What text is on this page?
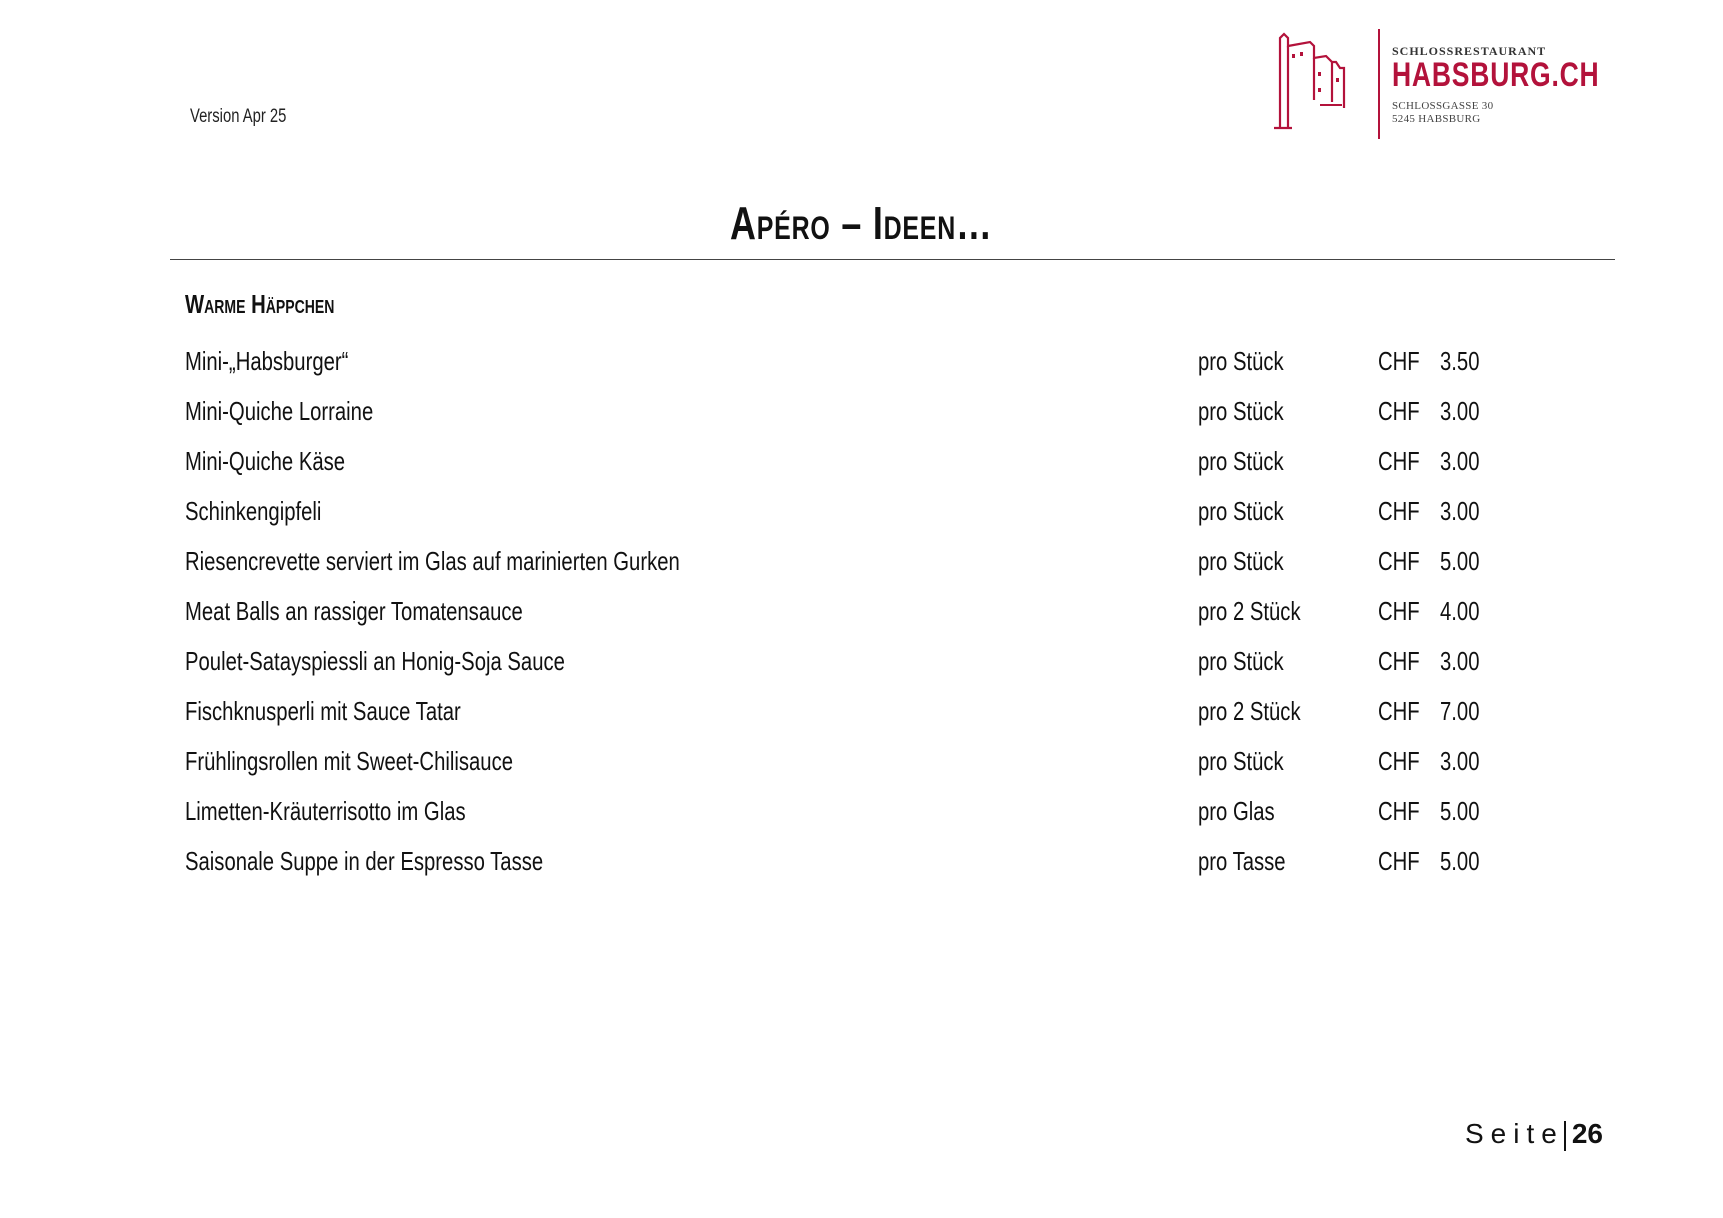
Version Apr 25
SCHLOSSRESTAURANT
HABSBURG.CH
SCHLOSSGASSE 30
5245 HABSBURG
Apéro – Ideen…
Warme Häppchen
Mini-„Habsburger“	pro Stück	CHF 3.50
Mini-Quiche Lorraine	pro Stück	CHF 3.00
Mini-Quiche Käse	pro Stück	CHF 3.00
Schinkengipfeli	pro Stück	CHF 3.00
Riesencrevette serviert im Glas auf marinierten Gurken	pro Stück	CHF 5.00
Meat Balls an rassiger Tomatensauce	pro 2 Stück	CHF 4.00
Poulet-Satayspiessli an Honig-Soja Sauce	pro Stück	CHF 3.00
Fischknusperli mit Sauce Tatar	pro 2 Stück	CHF 7.00
Frühlingsrollen mit Sweet-Chilisauce	pro Stück	CHF 3.00
Limetten-Kräuterrisotto im Glas	pro Glas	CHF 5.00
Saisonale Suppe in der Espresso Tasse	pro Tasse	CHF 5.00
Seite 26
